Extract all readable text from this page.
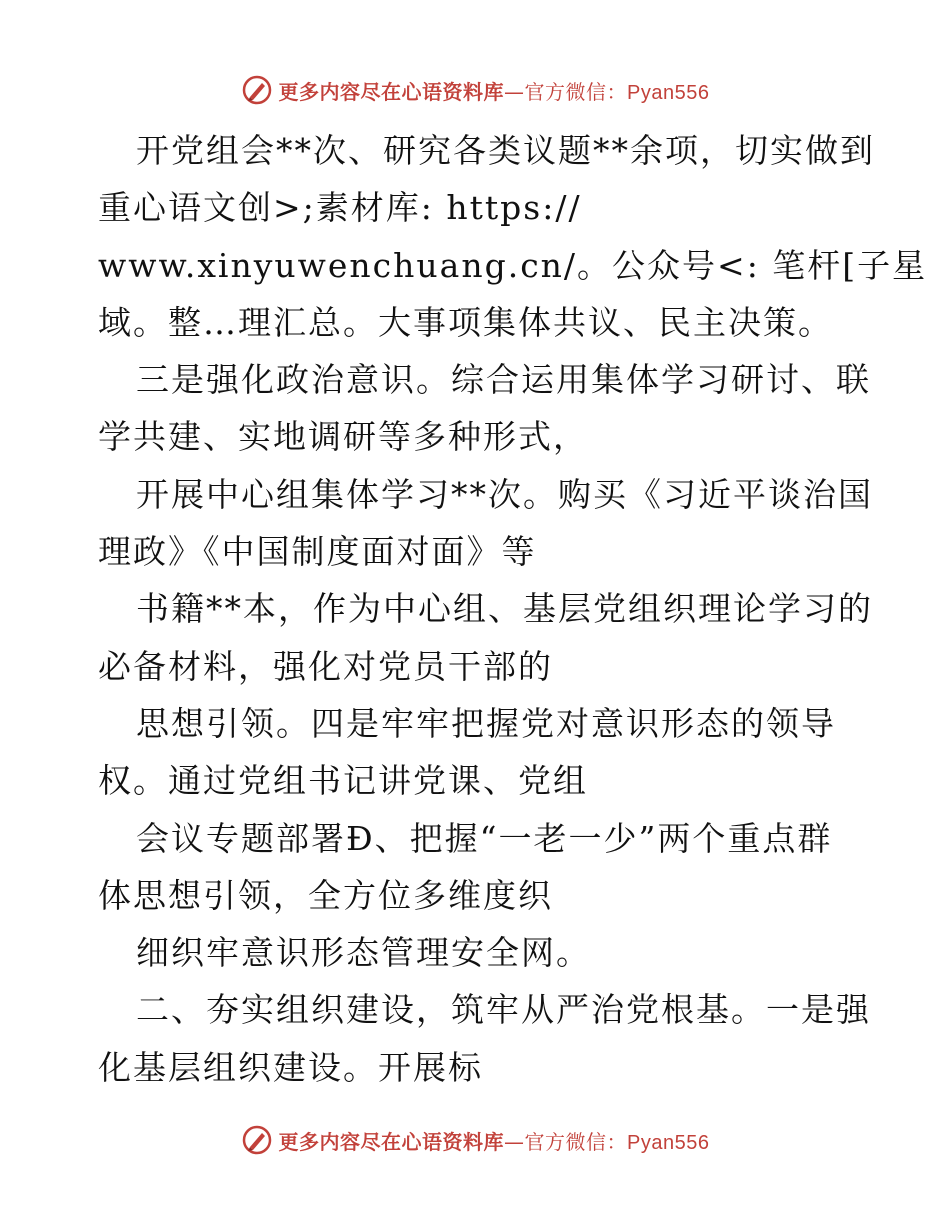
更多内容尽在心语资料库—官方微信：Pyan556
开党组会**次、研究各类议题**余项，切实做到
重心语文创>;素材库: https://
www.xinyuwenchuang.cn/。公众号<: 笔杆[子星
域。整…理汇总。大事项集体共议、民主决策。
三是强化政治意识。综合运用集体学习研讨、联
学共建、实地调研等多种形式，
开展中心组集体学习**次。购买《习近平谈治国
理政》《中国制度面对面》等
书籍**本，作为中心组、基层党组织理论学习的
必备材料，强化对党员干部的
思想引领。四是牢牢把握党对意识形态的领导
权。通过党组书记讲党课、党组
会议专题部署Đ、把握“一老一少”两个重点群
体思想引领，全方位多维度织
细织牢意识形态管理安全网。
二、夯实组织建设，筑牢从严治党根基。一是强
化基层组织建设。开展标
更多内容尽在心语资料库—官方微信：Pyan556
